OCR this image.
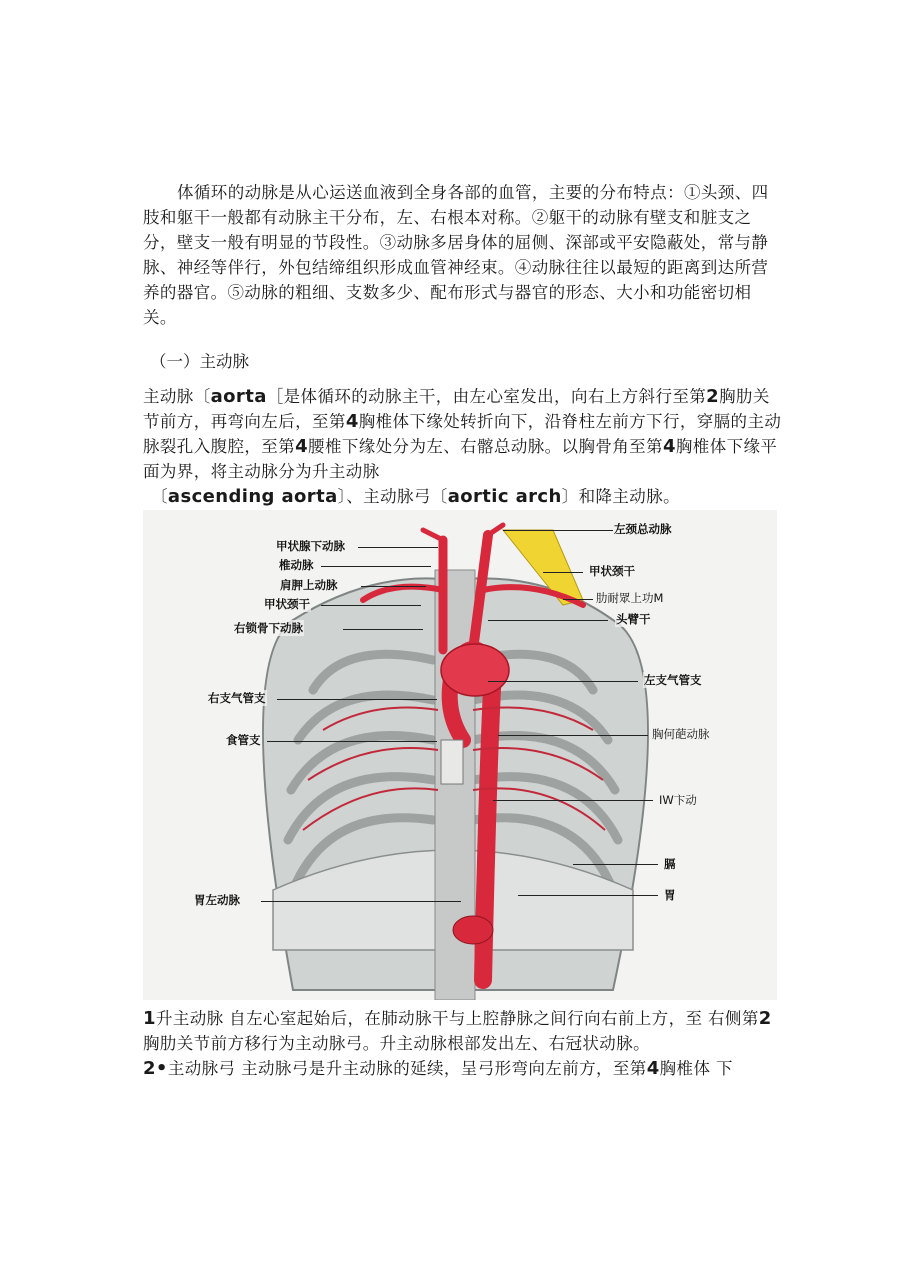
体循环的动脉是从心运送血液到全身各部的血管，主要的分布特点：①头颈、四肢和躯干一般都有动脉主干分布，左、右根本对称。②躯干的动脉有壁支和脏支之分，壁支一般有明显的节段性。③动脉多居身体的屈侧、深部或平安隐蔽处，常与静脉、神经等伴行，外包结缔组织形成血管神经束。④动脉往往以最短的距离到达所营养的器官。⑤动脉的粗细、支数多少、配布形式与器官的形态、大小和功能密切相关。

（一）主动脉

主动脉〔aorta［是体循环的动脉主干，由左心室发出，向右上方斜行至第2胸肋关节前方，再弯向左后，至第4胸椎体下缘处转折向下，沿脊柱左前方下行，穿膈的主动脉裂孔入腹腔，至第4腰椎下缘处分为左、右髂总动脉。以胸骨角至第4胸椎体下缘平面为界，将主动脉分为升主动脉
〔ascending aorta〕、主动脉弓〔aortic arch〕和降主动脉。

甲状腺下动脉
椎动脉
肩胛上动脉
甲状颈干
右锁骨下动脉
右支气管支
食管支
胃左动脉
左颈总动脉
甲状颈干
肋耐眾上功M
头臂干
左支气管支
胸何葩动脉
IW卞动
膈
胃

1升主动脉 自左心室起始后，在肺动脉干与上腔静脉之间行向右前上方，至 右侧第2胸肋关节前方移行为主动脉弓。升主动脉根部发出左、右冠状动脉。
2•主动脉弓 主动脉弓是升主动脉的延续，呈弓形弯向左前方，至第4胸椎体 下
